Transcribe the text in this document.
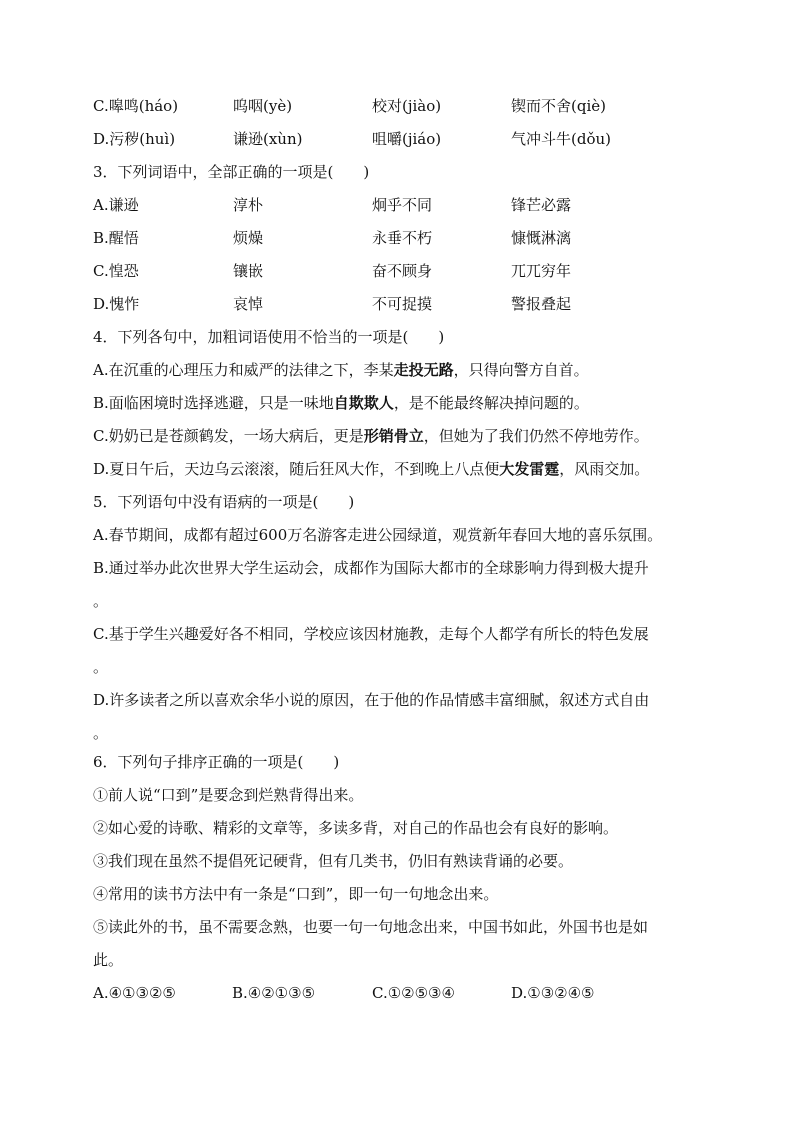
C.嗥鸣(háo)	呜咽(yè)	校对(jiào)	锲而不舍(qiè)
D.污秽(huì)	谦逊(xùn)	咀嚼(jiáo)	气冲斗牛(dǒu)
3．下列词语中，全部正确的一项是(　　)
A.谦逊	淳朴	炯乎不同	锋芒必露
B.醒悟	烦燥	永垂不朽	慷慨淋漓
C.惶恐	镶嵌	奋不顾身	兀兀穷年
D.愧怍	哀悼	不可捉摸	警报叠起
4．下列各句中，加粗词语使用不恰当的一项是(　　)
A.在沉重的心理压力和威严的法律之下，李某走投无路，只得向警方自首。
B.面临困境时选择逃避，只是一味地自欺欺人，是不能最终解决掉问题的。
C.奶奶已是苍颜鹤发，一场大病后，更是形销骨立，但她为了我们仍然不停地劳作。
D.夏日午后，天边乌云滚滚，随后狂风大作，不到晚上八点便大发雷霆，风雨交加。
5．下列语句中没有语病的一项是(　　)
A.春节期间，成都有超过600万名游客走进公园绿道，观赏新年春回大地的喜乐氛围。
B.通过举办此次世界大学生运动会，成都作为国际大都市的全球影响力得到极大提升
。
C.基于学生兴趣爱好各不相同，学校应该因材施教，走每个人都学有所长的特色发展
。
D.许多读者之所以喜欢余华小说的原因，在于他的作品情感丰富细腻，叙述方式自由
。
6．下列句子排序正确的一项是(　　)
①前人说“口到”是要念到烂熟背得出来。
②如心爱的诗歌、精彩的文章等，多读多背，对自己的作品也会有良好的影响。
③我们现在虽然不提倡死记硬背，但有几类书，仍旧有熟读背诵的必要。
④常用的读书方法中有一条是“口到”，即一句一句地念出来。
⑤读此外的书，虽不需要念熟，也要一句一句地念出来，中国书如此，外国书也是如
此。
A.④①③②⑤	B.④②①③⑤	C.①②⑤③④	D.①③②④⑤
